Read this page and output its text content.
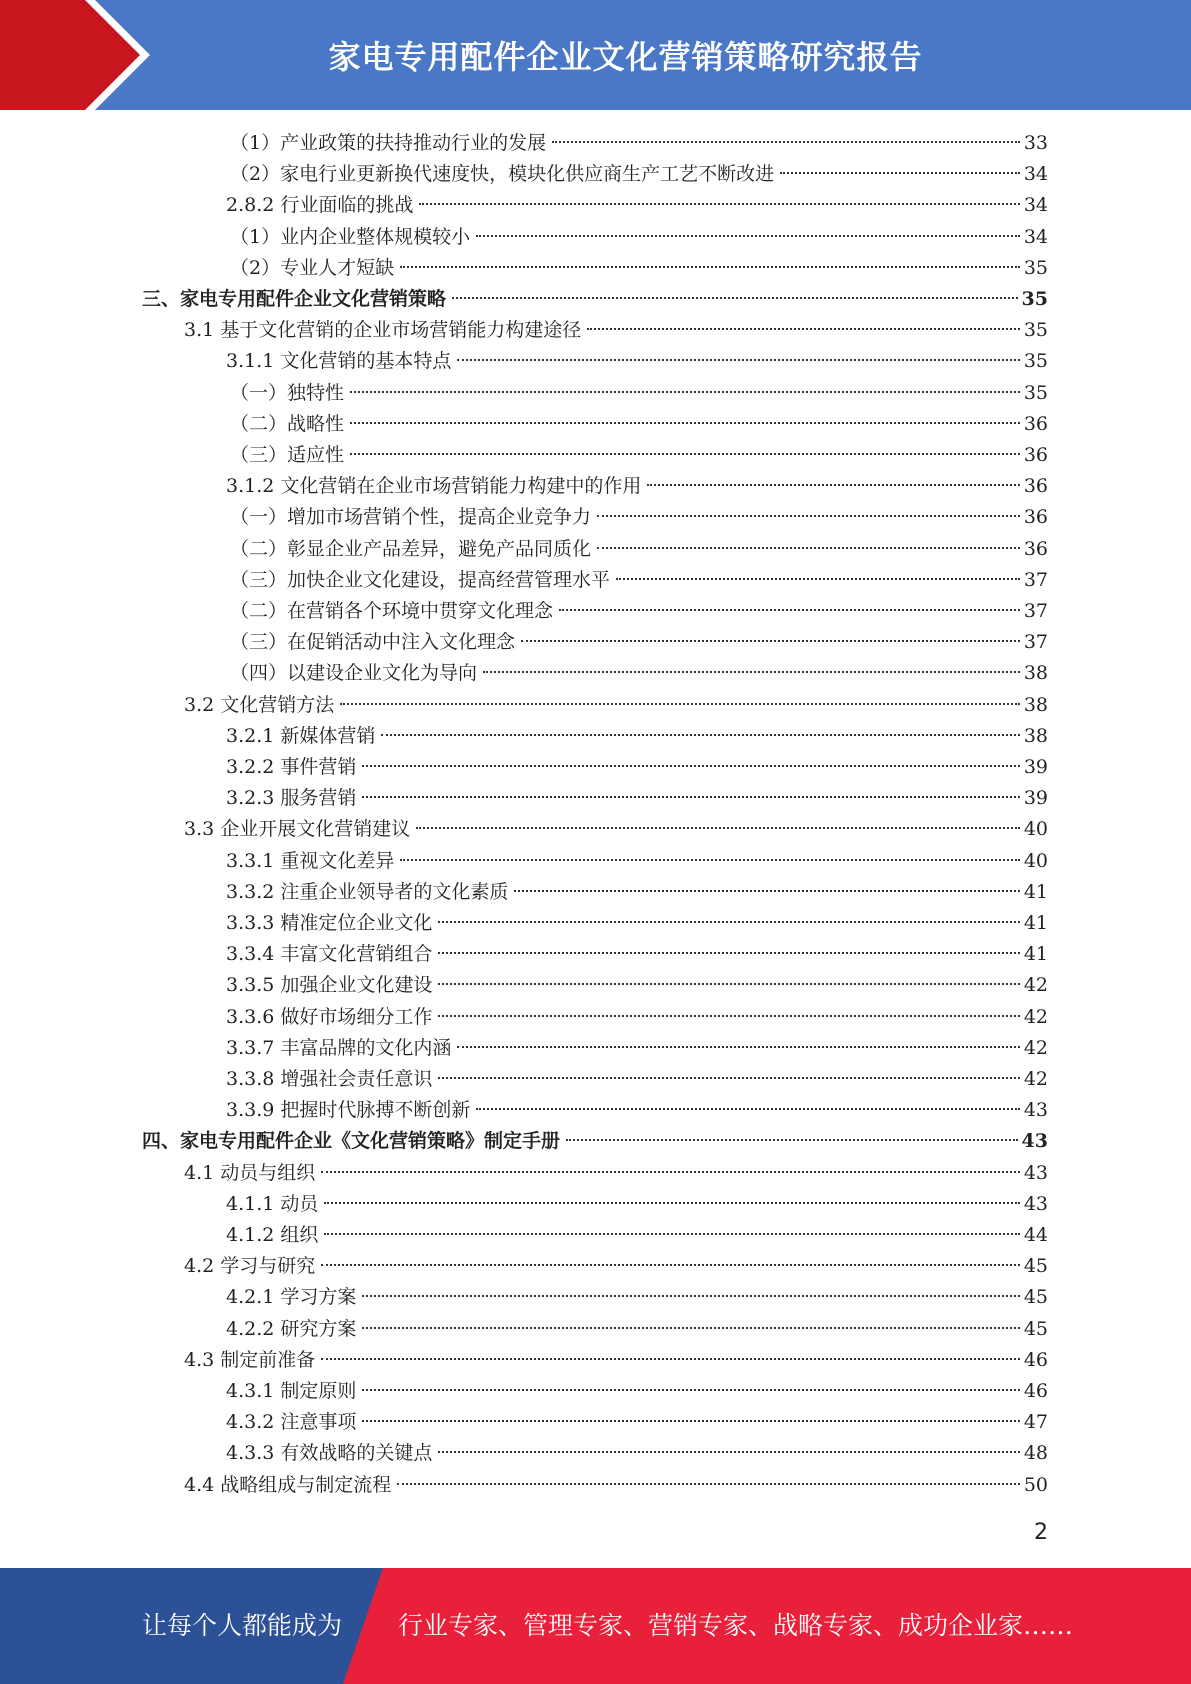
家电专用配件企业文化营销策略研究报告
（1）产业政策的扶持推动行业的发展	33
（2）家电行业更新换代速度快，模块化供应商生产工艺不断改进	34
2.8.2 行业面临的挑战	34
（1）业内企业整体规模较小	34
（2）专业人才短缺	35
三、家电专用配件企业文化营销策略	35
3.1 基于文化营销的企业市场营销能力构建途径	35
3.1.1 文化营销的基本特点	35
（一）独特性	35
（二）战略性	36
（三）适应性	36
3.1.2 文化营销在企业市场营销能力构建中的作用	36
（一）增加市场营销个性，提高企业竞争力	36
（二）彰显企业产品差异，避免产品同质化	36
（三）加快企业文化建设，提高经营管理水平	37
（二）在营销各个环境中贯穿文化理念	37
（三）在促销活动中注入文化理念	37
（四）以建设企业文化为导向	38
3.2 文化营销方法	38
3.2.1 新媒体营销	38
3.2.2 事件营销	39
3.2.3 服务营销	39
3.3 企业开展文化营销建议	40
3.3.1 重视文化差异	40
3.3.2 注重企业领导者的文化素质	41
3.3.3 精准定位企业文化	41
3.3.4 丰富文化营销组合	41
3.3.5 加强企业文化建设	42
3.3.6 做好市场细分工作	42
3.3.7 丰富品牌的文化内涵	42
3.3.8 增强社会责任意识	42
3.3.9 把握时代脉搏不断创新	43
四、家电专用配件企业《文化营销策略》制定手册	43
4.1 动员与组织	43
4.1.1 动员	43
4.1.2 组织	44
4.2 学习与研究	45
4.2.1 学习方案	45
4.2.2 研究方案	45
4.3 制定前准备	46
4.3.1 制定原则	46
4.3.2 注意事项	47
4.3.3 有效战略的关键点	48
4.4 战略组成与制定流程	50
2
让每个人都能成为 行业专家、管理专家、营销专家、战略专家、成功企业家……
